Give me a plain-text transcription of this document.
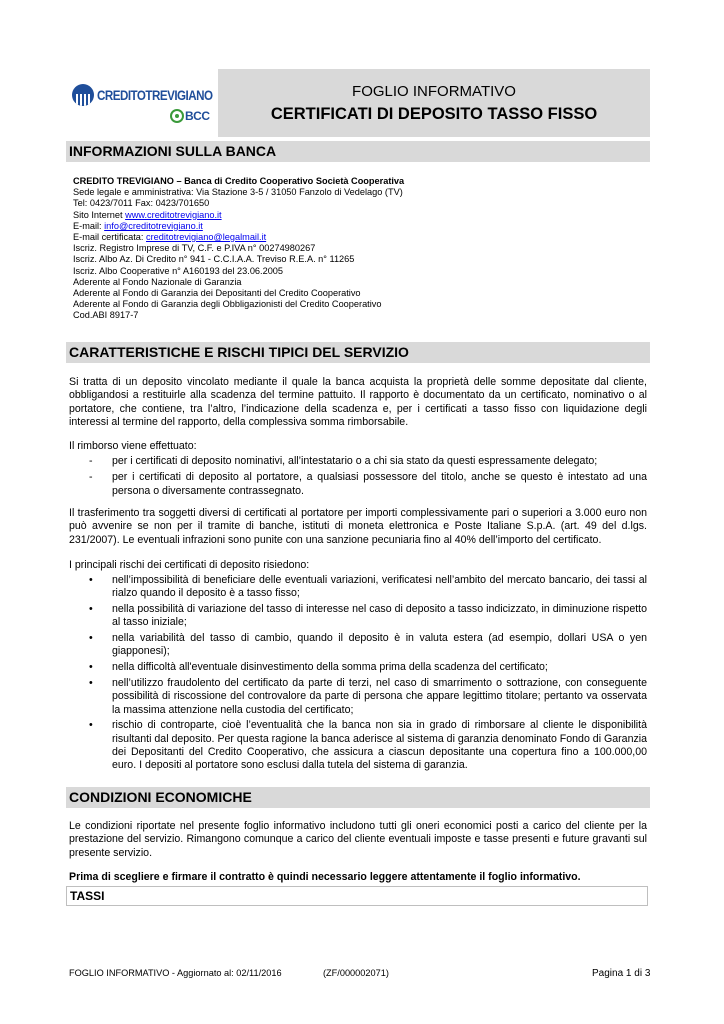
CREDITOTREVIGIANO
BCC
FOGLIO INFORMATIVO
CERTIFICATI DI DEPOSITO TASSO FISSO
INFORMAZIONI SULLA BANCA
CREDITO TREVIGIANO – Banca di Credito Cooperativo Società Cooperativa
Sede legale e amministrativa: Via Stazione 3-5 / 31050 Fanzolo di Vedelago (TV)
Tel: 0423/7011 Fax: 0423/701650
Sito Internet www.creditotrevigiano.it
E-mail: info@creditotrevigiano.it
E-mail certificata: creditotrevigiano@legalmail.it
Iscriz. Registro Imprese di TV, C.F. e P.IVA n° 00274980267
Iscriz. Albo Az. Di Credito n° 941 - C.C.I.A.A. Treviso R.E.A. n° 11265
Iscriz. Albo Cooperative n° A160193 del 23.06.2005
Aderente al Fondo Nazionale di Garanzia
Aderente al Fondo di Garanzia dei Depositanti del Credito Cooperativo
Aderente al Fondo di Garanzia degli Obbligazionisti del Credito Cooperativo
Cod.ABI 8917-7
CARATTERISTICHE E RISCHI TIPICI DEL SERVIZIO
Si tratta di un deposito vincolato mediante il quale la banca acquista la proprietà delle somme depositate dal cliente, obbligandosi a restituirle alla scadenza del termine pattuito. Il rapporto è documentato da un certificato, nominativo o al portatore, che contiene, tra l’altro, l’indicazione della scadenza e, per i certificati a tasso fisso con liquidazione degli interessi al termine del rapporto, della complessiva somma rimborsabile.
Il rimborso viene effettuato:
- per i certificati di deposito nominativi, all’intestatario o a chi sia stato da questi espressamente delegato;
- per i certificati di deposito al portatore, a qualsiasi possessore del titolo, anche se questo è intestato ad una persona o diversamente contrassegnato.
Il trasferimento tra soggetti diversi di certificati al portatore per importi complessivamente pari o superiori a 3.000 euro non può avvenire se non per il tramite di banche, istituti di moneta elettronica e Poste Italiane S.p.A. (art. 49 del d.lgs. 231/2007). Le eventuali infrazioni sono punite con una sanzione pecuniaria fino al 40% dell’importo del certificato.
I principali rischi dei certificati di deposito risiedono:
• nell’impossibilità di beneficiare delle eventuali variazioni, verificatesi nell’ambito del mercato bancario, dei tassi al rialzo quando il deposito è a tasso fisso;
• nella possibilità di variazione del tasso di interesse nel caso di deposito a tasso indicizzato, in diminuzione rispetto al tasso iniziale;
• nella variabilità del tasso di cambio, quando il deposito è in valuta estera (ad esempio, dollari USA o yen giapponesi);
• nella difficoltà all'eventuale disinvestimento della somma prima della scadenza del certificato;
• nell’utilizzo fraudolento del certificato da parte di terzi, nel caso di smarrimento o sottrazione, con conseguente possibilità di riscossione del controvalore da parte di persona che appare legittimo titolare; pertanto va osservata la massima attenzione nella custodia del certificato;
• rischio di controparte, cioè l’eventualità che la banca non sia in grado di rimborsare al cliente le disponibilità risultanti dal deposito. Per questa ragione la banca aderisce al sistema di garanzia denominato Fondo di Garanzia dei Depositanti del Credito Cooperativo, che assicura a ciascun depositante una copertura fino a 100.000,00 euro. I depositi al portatore sono esclusi dalla tutela del sistema di garanzia.
CONDIZIONI ECONOMICHE
Le condizioni riportate nel presente foglio informativo includono tutti gli oneri economici posti a carico del cliente per la prestazione del servizio. Rimangono comunque a carico del cliente eventuali imposte e tasse presenti e future gravanti sul presente servizio.
Prima di scegliere e firmare il contratto è quindi necessario leggere attentamente il foglio informativo.
TASSI
FOGLIO INFORMATIVO - Aggiornato al: 02/11/2016	(ZF/000002071)	Pagina 1 di 3
